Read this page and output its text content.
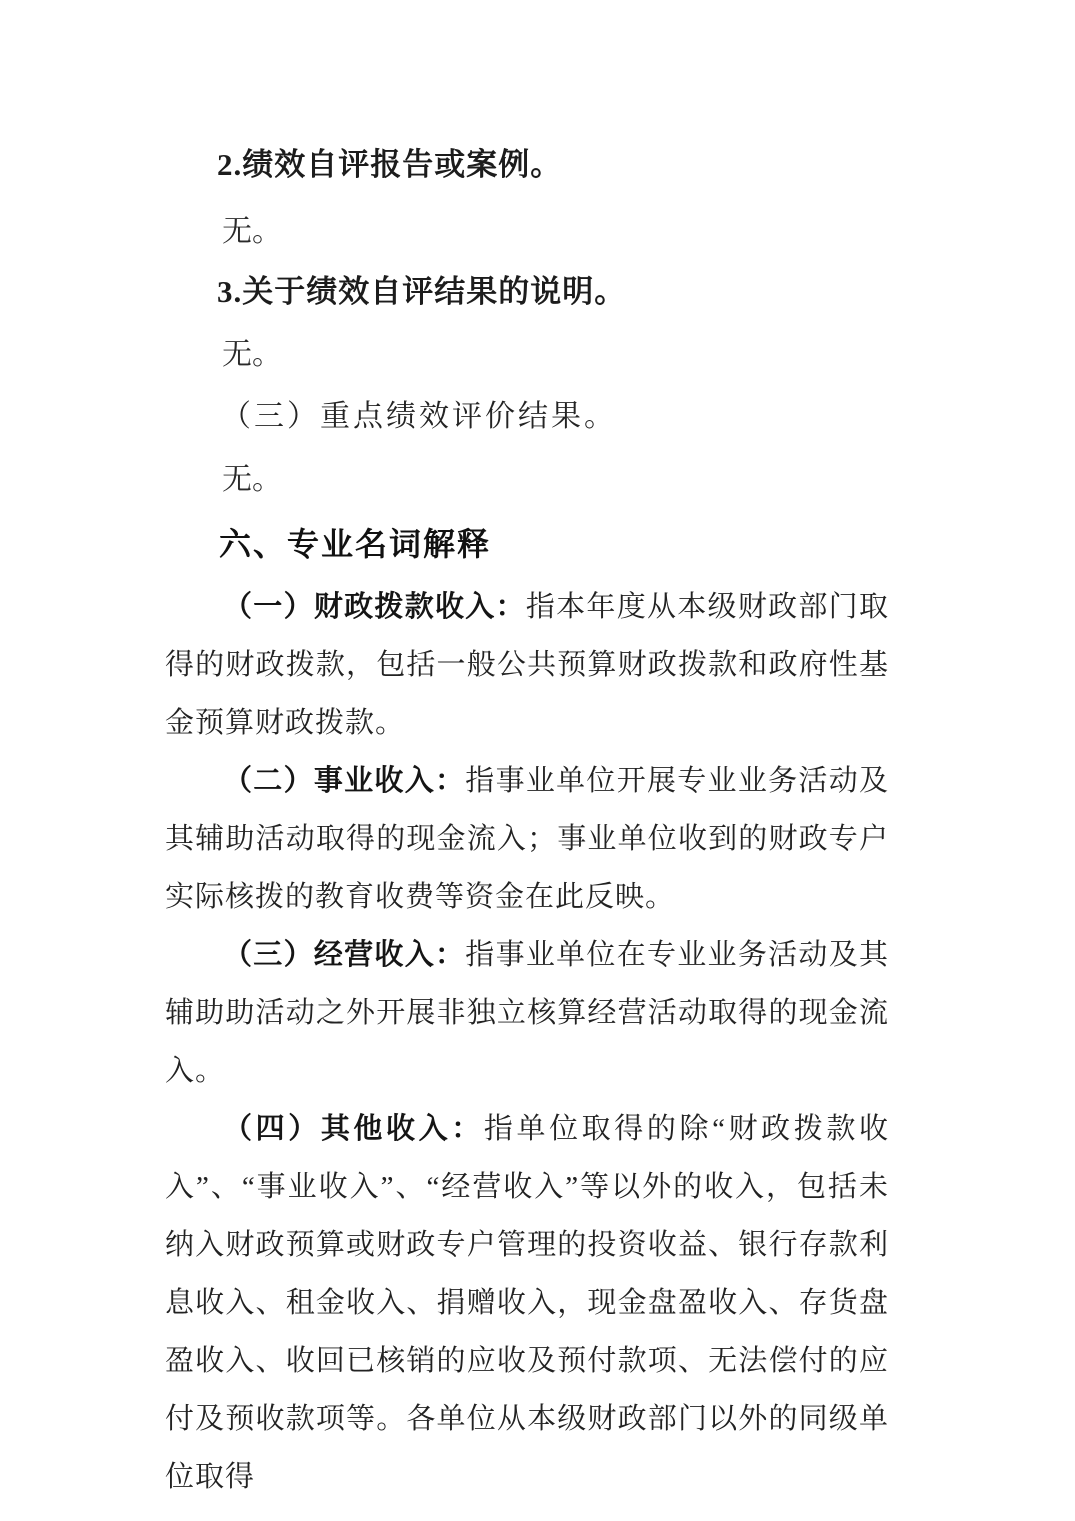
2.绩效自评报告或案例。

无。

3.关于绩效自评结果的说明。

无。

（三）重点绩效评价结果。

无。

六、专业名词解释

（一）财政拨款收入：指本年度从本级财政部门取得的财政拨款，包括一般公共预算财政拨款和政府性基金预算财政拨款。

（二）事业收入：指事业单位开展专业业务活动及其辅助活动取得的现金流入；事业单位收到的财政专户实际核拨的教育收费等资金在此反映。

（三）经营收入：指事业单位在专业业务活动及其辅助助活动之外开展非独立核算经营活动取得的现金流入。

（四）其他收入：指单位取得的除“财政拨款收入”、“事业收入”、“经营收入”等以外的收入，包括未纳入财政预算或财政专户管理的投资收益、银行存款利息收入、租金收入、捐赠收入，现金盘盈收入、存货盘盈收入、收回已核销的应收及预付款项、无法偿付的应付及预收款项等。各单位从本级财政部门以外的同级单位取得
